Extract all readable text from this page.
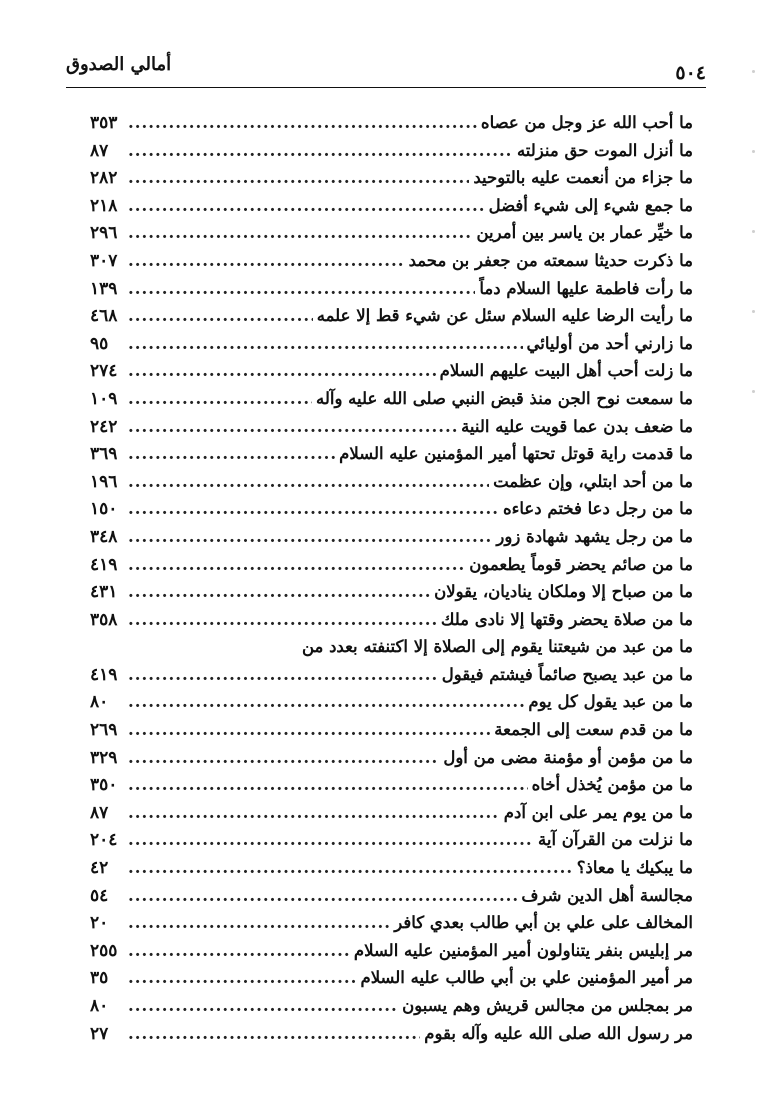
٥٠٤
أمالي الصدوق
ما أحب الله عز وجل من عصاه
.....
٣٥٣
ما أنزل الموت حق منزلته
.....
٨٧
ما جزاء من أنعمت عليه بالتوحيد
.....
٢٨٢
ما جمع شيء إلى شيء أفضل
.....
٢١٨
ما خيِّر عمار بن ياسر بين أمرين
.....
٢٩٦
ما ذكرت حديثا سمعته من جعفر بن محمد
.....
٣٠٧
ما رأت فاطمة عليها السلام دماً
.....
١٣٩
ما رأيت الرضا عليه السلام سئل عن شيء قط إلا علمه
.....
٤٦٨
ما زارني أحد من أوليائي
.....
٩٥
ما زلت أحب أهل البيت عليهم السلام
.....
٢٧٤
ما سمعت نوح الجن منذ قبض النبي صلى الله عليه وآله
.....
١٠٩
ما ضعف بدن عما قويت عليه النية
.....
٢٤٢
ما قدمت راية قوتل تحتها أمير المؤمنين عليه السلام
.....
٣٦٩
ما من أحد ابتلي، وإن عظمت
.....
١٩٦
ما من رجل دعا فختم دعاءه
.....
١٥٠
ما من رجل يشهد شهادة زور
.....
٣٤٨
ما من صائم يحضر قوماً يطعمون
.....
٤١٩
ما من صباح إلا وملكان يناديان، يقولان
.....
٤٣١
ما من صلاة يحضر وقتها إلا نادى ملك
.....
٣٥٨
ما من عبد من شيعتنا يقوم إلى الصلاة إلا اكتنفته بعدد من
ما من عبد يصبح صائماً فيشتم فيقول
.....
٤١٩
ما من عبد يقول كل يوم
.....
٨٠
ما من قدم سعت إلى الجمعة
.....
٢٦٩
ما من مؤمن أو مؤمنة مضى من أول
.....
٣٢٩
ما من مؤمن يُخذل أخاه
.....
٣٥٠
ما من يوم يمر على ابن آدم
.....
٨٧
ما نزلت من القرآن آية
.....
٢٠٤
ما يبكيك يا معاذ؟
.....
٤٢
مجالسة أهل الدين شرف
.....
٥٤
المخالف على علي بن أبي طالب بعدي كافر
.....
٢٠
مر إبليس بنفر يتناولون أمير المؤمنين عليه السلام
.....
٢٥٥
مر أمير المؤمنين علي بن أبي طالب عليه السلام
.....
٣٥
مر بمجلس من مجالس قريش وهم يسبون
.....
٨٠
مر رسول الله صلى الله عليه وآله بقوم
.....
٢٧
